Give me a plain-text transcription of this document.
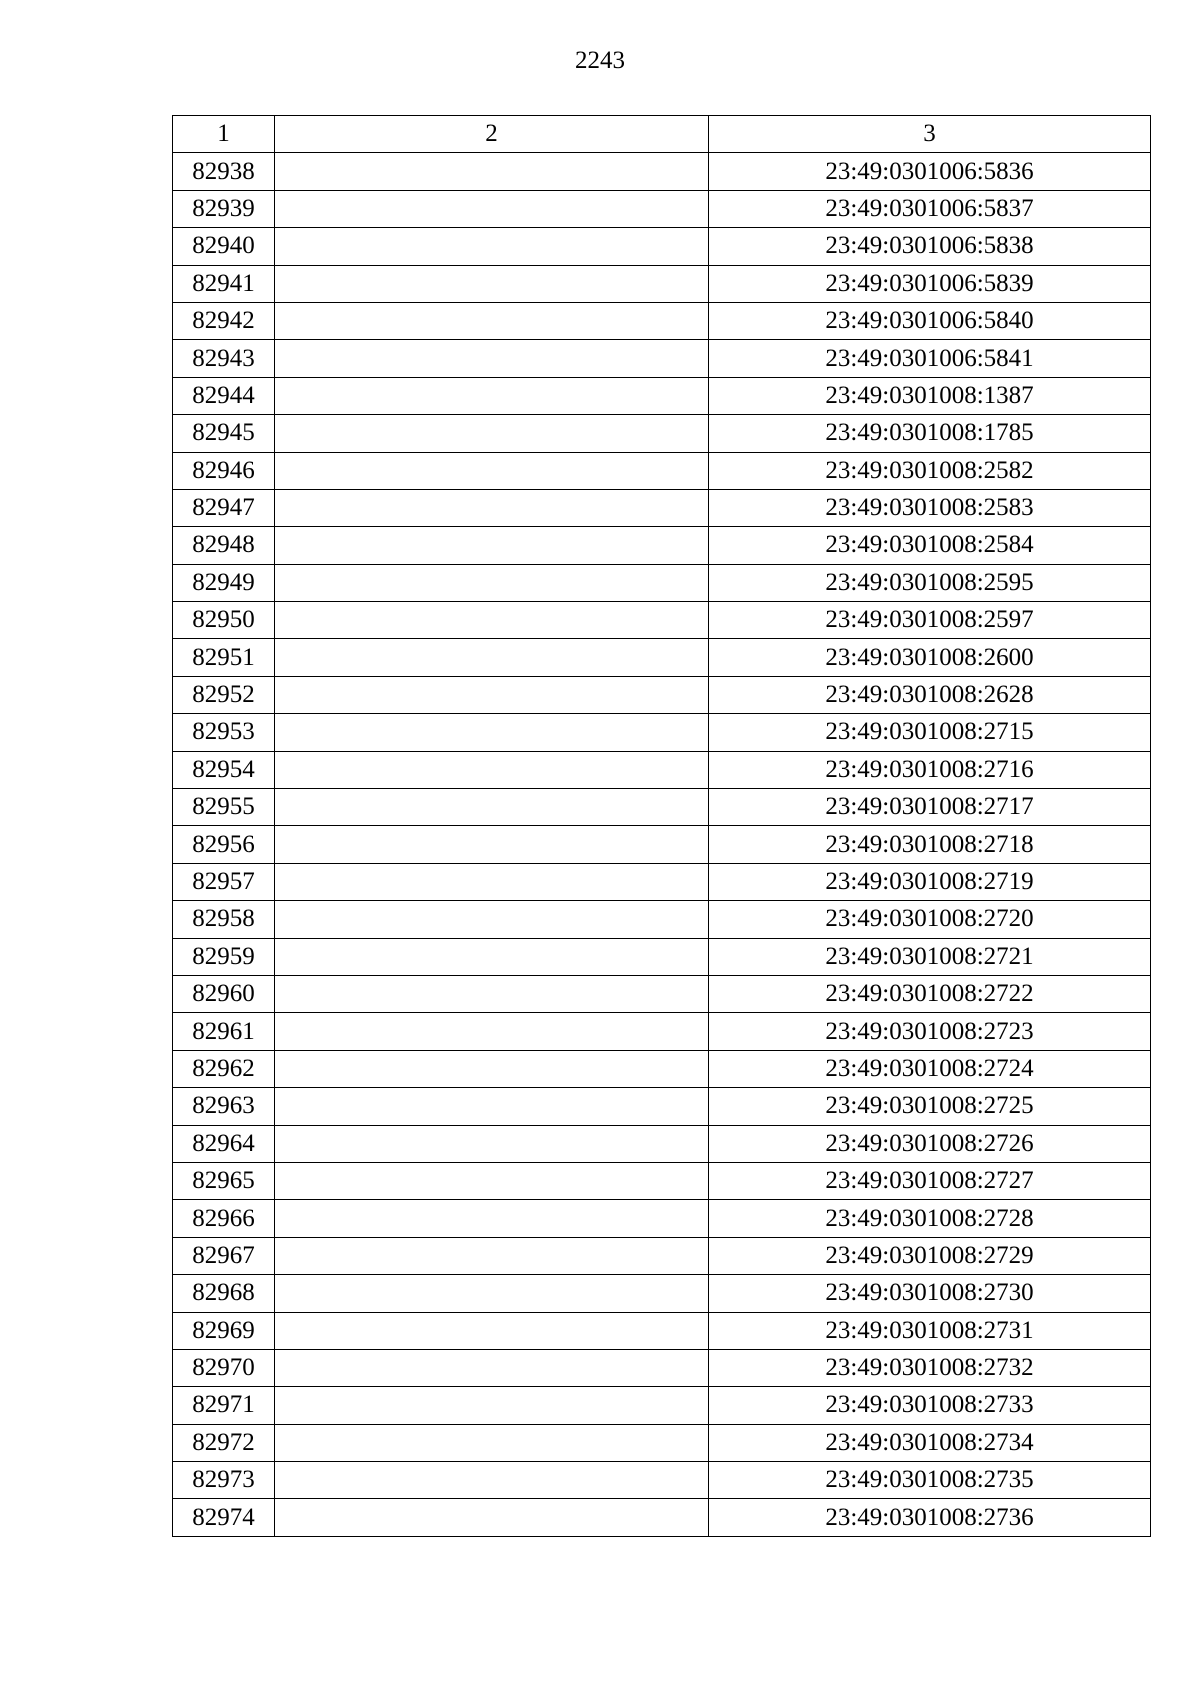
2243
1	2	3
82938		23:49:0301006:5836
82939		23:49:0301006:5837
82940		23:49:0301006:5838
82941		23:49:0301006:5839
82942		23:49:0301006:5840
82943		23:49:0301006:5841
82944		23:49:0301008:1387
82945		23:49:0301008:1785
82946		23:49:0301008:2582
82947		23:49:0301008:2583
82948		23:49:0301008:2584
82949		23:49:0301008:2595
82950		23:49:0301008:2597
82951		23:49:0301008:2600
82952		23:49:0301008:2628
82953		23:49:0301008:2715
82954		23:49:0301008:2716
82955		23:49:0301008:2717
82956		23:49:0301008:2718
82957		23:49:0301008:2719
82958		23:49:0301008:2720
82959		23:49:0301008:2721
82960		23:49:0301008:2722
82961		23:49:0301008:2723
82962		23:49:0301008:2724
82963		23:49:0301008:2725
82964		23:49:0301008:2726
82965		23:49:0301008:2727
82966		23:49:0301008:2728
82967		23:49:0301008:2729
82968		23:49:0301008:2730
82969		23:49:0301008:2731
82970		23:49:0301008:2732
82971		23:49:0301008:2733
82972		23:49:0301008:2734
82973		23:49:0301008:2735
82974		23:49:0301008:2736
